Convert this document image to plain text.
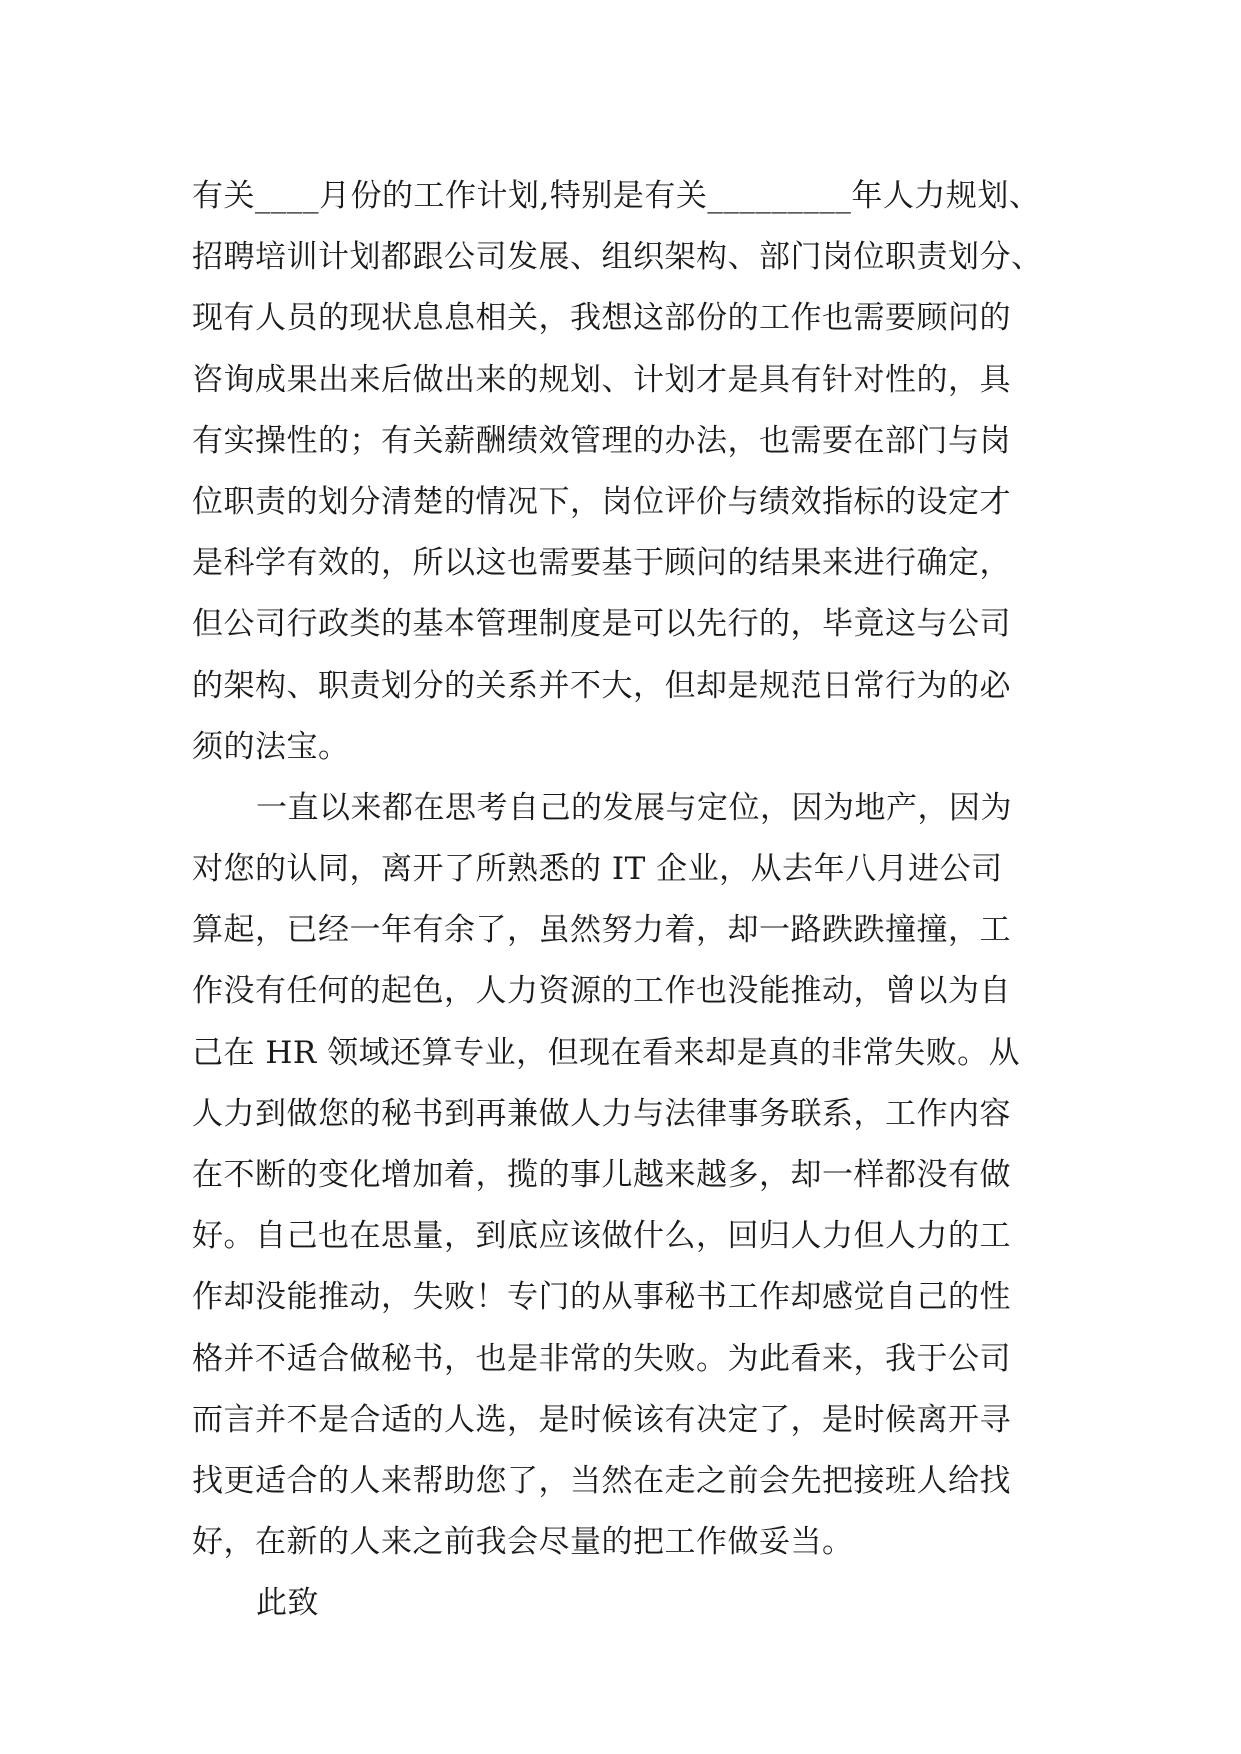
有关____月份的工作计划,特别是有关_________年人力规划、
招聘培训计划都跟公司发展、组织架构、部门岗位职责划分、
现有人员的现状息息相关，我想这部份的工作也需要顾问的
咨询成果出来后做出来的规划、计划才是具有针对性的，具
有实操性的；有关薪酬绩效管理的办法，也需要在部门与岗
位职责的划分清楚的情况下，岗位评价与绩效指标的设定才
是科学有效的，所以这也需要基于顾问的结果来进行确定，
但公司行政类的基本管理制度是可以先行的，毕竟这与公司
的架构、职责划分的关系并不大，但却是规范日常行为的必
须的法宝。
一直以来都在思考自己的发展与定位，因为地产，因为
对您的认同，离开了所熟悉的 IT 企业，从去年八月进公司
算起，已经一年有余了，虽然努力着，却一路跌跌撞撞，工
作没有任何的起色，人力资源的工作也没能推动，曾以为自
己在 HR 领域还算专业，但现在看来却是真的非常失败。从
人力到做您的秘书到再兼做人力与法律事务联系，工作内容
在不断的变化增加着，揽的事儿越来越多，却一样都没有做
好。自己也在思量，到底应该做什么，回归人力但人力的工
作却没能推动，失败！专门的从事秘书工作却感觉自己的性
格并不适合做秘书，也是非常的失败。为此看来，我于公司
而言并不是合适的人选，是时候该有决定了，是时候离开寻
找更适合的人来帮助您了，当然在走之前会先把接班人给找
好，在新的人来之前我会尽量的把工作做妥当。
此致
